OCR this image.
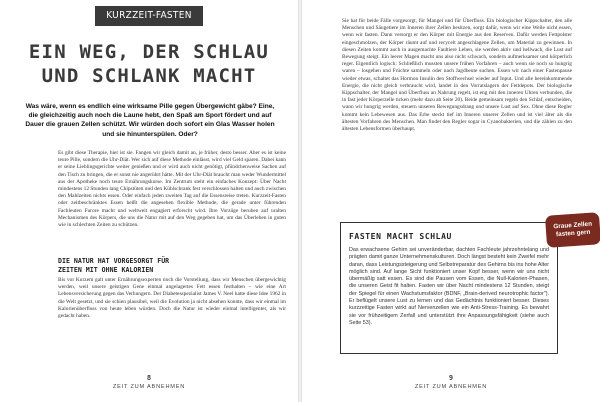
KURZZEIT-FASTEN
EIN WEG, DER SCHLAU
UND SCHLANK MACHT
Was wäre, wenn es endlich eine wirksame Pille gegen Übergewicht gäbe? Eine, die gleichzeitig auch noch die Laune hebt, den Spaß am Sport fördert und auf Dauer die grauen Zellen schützt. Wir würden doch sofort ein Glas Wasser holen und sie hinunterspülen. Oder?
Es gibt diese Therapie, hier ist sie. Fangen wir gleich damit an, je früher, desto besser. Aber es ist keine teure Pille, sondern die Uhr-Diät. Wer sich auf diese Methode einlässt, wird viel Geld sparen. Dabei kann er seine Lieblingsgerichte weiter genießen und er wird auch nicht genötigt, pfündchenweise Sachen auf den Tisch zu bringen, die er sonst nie angerührt hätte. Mit der Uhr-Diät braucht man weder Wundermittel aus der Apotheke noch teure Ernährungskurse. Im Zentrum steht ein einfaches Konzept: Über Nacht mindestens 12 Stunden lang Chipstüten und den Kühlschrank fest verschlossen halten und auch zwischen den Mahlzeiten nichts essen. Oder einfach jeden zweiten Tag auf die Essensreise treten. Kurzzeit-Fasten oder zeitbeschränktes Essen heißt die angesehen flexible Methode, die gerade unter führenden Fachleuten Furore macht und weltweit engagiert erforscht wird. Ihre Vorzüge beruhen auf uralten Mechanismen des Körpers, die uns die Natur mit auf den Weg gegeben hat, um das Überleben in guten wie in schlechten Zeiten zu schützen.
DIE NATUR HAT VORGESORGT FÜR
ZEITEN MIT OHNE KALORIEN
Bis vor Kurzem galt unter Ernährungsexperten noch die Vorstellung, dass wir Menschen übergewichtig werden, weil unsere geistigen Gene einmal angelagertes Fett essen festhalten – wie eine Art Lebensversicherung gegen das Verhungern. Der Diabetesspezialist James V. Neel hatte diese Idee 1962 in die Welt gesetzt, und sie schien plausibel, weil die Evolution ja nicht absehen konnte, dass wir einmal im Kalorienüberfluss von heute leben würden. Doch die Natur ist wieder einmal intelligenter, als wir gedacht haben.
8
ZEIT ZUM ABNEHMEN
Sie hat für beide Fälle vorgesorgt, für Mangel und für Überfluss. Ein biologischer Kippschalter, den alle Menschen und Säugetiere im Inneren ihrer Zellen besitzen, sorgt dafür, wenn wir eine Weile nicht essen, wenn wir fasten. Dann versorgt er den Körper mit Energie aus den Reserven. Dafür werden Fettpolster eingeschmolzen, der Körper räumt auf und recycelt angeschlagene Zellen, um Material zu gewinnen. In diesen Zeiten kommt auch in ausgemachte Faultiere Leben, sie werden aktiv und hellwach, die Lust auf Bewegung steigt. Ein leerer Magen macht uns also nicht schwach, sondern aufmerksamer und körperlich reger. Eigentlich logisch: Schließlich mussten unsere frühen Vorfahren – auch wenn sie noch so hungrig waren – losgehen und Früchte sammeln oder nach Jagdbeute suchen. Essen wir nach einer Fastenpause wieder etwas, schaltet das Hormon Insulin den Stoffwechsel wieder auf Input. Und alle bereinkommende Energie, die nicht gleich verbraucht wird, landet in den Vorratslagern der Fettdepots. Der biologische Kippschalter, der Mangel und Überfluss an Nahrung regelt, ist eng mit den inneren Uhren verbunden, die in fast jeder Körperzelle ticken (mehr dazu ab Seite 20). Beide gemeinsam regeln den Schlaf, entscheiden, wann wir hungrig werden, steuern unseren Bewegungsdrang und unsere Lust auf Sex. Ohne diese Regler kommt kein Lebewesen aus. Das Erbe steckt tief im Inneren unserer Zellen und ist viel älter als die ältesten Vorfahren des Menschen. Man findet den Regler sogar in Cyanobakterien, und die zählen zu den ältesten Lebensformen überhaupt.
FASTEN MACHT SCHLAU
Das erwachsene Gehirn sei unveränderbar, dachten Fachleute jahrzehntelang und prägten damit ganze Unternehmenskulturen. Doch längst besteht kein Zweifel mehr daran, dass Leistungssteigerung und Selbstreparatur des Gehirns bis ins hohe Alter möglich sind. Auf lange Sicht funktioniert unser Kopf besser, wenn wir uns nicht übermäßig satt essen. Es sind die Pausen vom Essen, die Null-Kalorien-Phasen, die unseren Geist fit halten. Fasten wir über Nacht mindestens 12 Stunden, steigt der Spiegel für einen Wachstumsfaktor (BDNF, „Brain-derived neurotrophic factor"). Er beflügelt unsere Lust zu lernen und das Gedächtnis funktioniert besser. Dieses kurzzeitige Fasten wirkt auf Nervenzellen wie ein Anti-Stress-Training. Es bewahrt sie vor frühzeitigem Zerfall und unterstützt ihre Anpassungsfähigkeit (siehe auch Seite 53).
Graue Zellen
fasten gern
9
ZEIT ZUM ABNEHMEN
